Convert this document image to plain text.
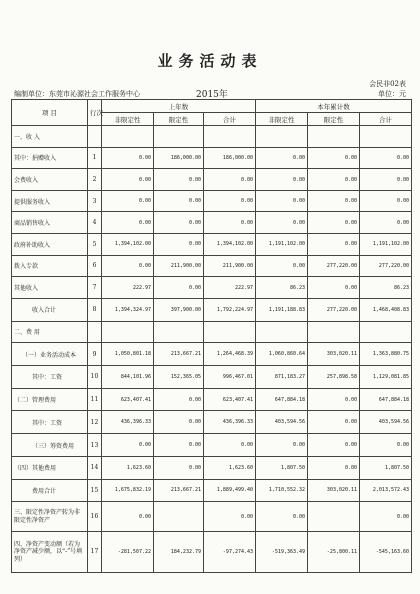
业务活动表
会民非02表
编制单位：东莞市沁源社会工作服务中心	2015年	单位：元
项 目	行次	上年数			本年累计数		
		非限定性	限定性	合计	非限定性	限定性	合计
一、收 入							
其中：捐赠收入	1	0.00	186,000.00	186,000.00	0.00	0.00	0.00
会费收入	2	0.00	0.00	0.00	0.00	0.00	0.00
提供服务收入	3	0.00	0.00	0.00	0.00	0.00	0.00
商品销售收入	4	0.00	0.00	0.00	0.00	0.00	0.00
政府补助收入	5	1,394,102.00	0.00	1,394,102.00	1,191,102.00	0.00	1,191,102.00
拨入专款	6	0.00	211,900.00	211,900.00	0.00	277,220.00	277,220.00
其他收入	7	222.97	0.00	222.97	86.23	0.00	86.23
收入合计	8	1,394,324.97	397,900.00	1,792,224.97	1,191,188.83	277,220.00	1,468,408.83
二、费 用							
（一）业务活动成本	9	1,050,801.18	213,667.21	1,264,468.39	1,060,860.64	303,020.11	1,363,880.75
其中：工资	10	844,101.96	152,365.05	996,467.01	871,183.27	257,898.58	1,129,081.85
（二）管理费用	11	623,407.41	0.00	623,407.41	647,884.18	0.00	647,884.18
其中：工资	12	436,396.33	0.00	436,396.33	403,594.56	0.00	403,594.56
（三）筹资费用	13	0.00	0.00	0.00	0.00	0.00	0.00
（四）其他费用	14	1,623.60	0.00	1,623.60	1,807.50	0.00	1,807.50
费用合计	15	1,675,832.19	213,667.21	1,889,499.40	1,710,552.32	303,020.11	2,013,572.43
三、限定性净资产转为非限定性净资产	16	0.00		0.00	0.00		0.00
四、净资产变动额（若为净资产减少额，以“-”号填列）	17	-281,507.22	184,232.79	-97,274.43	-519,363.49	-25,800.11	-545,163.60
